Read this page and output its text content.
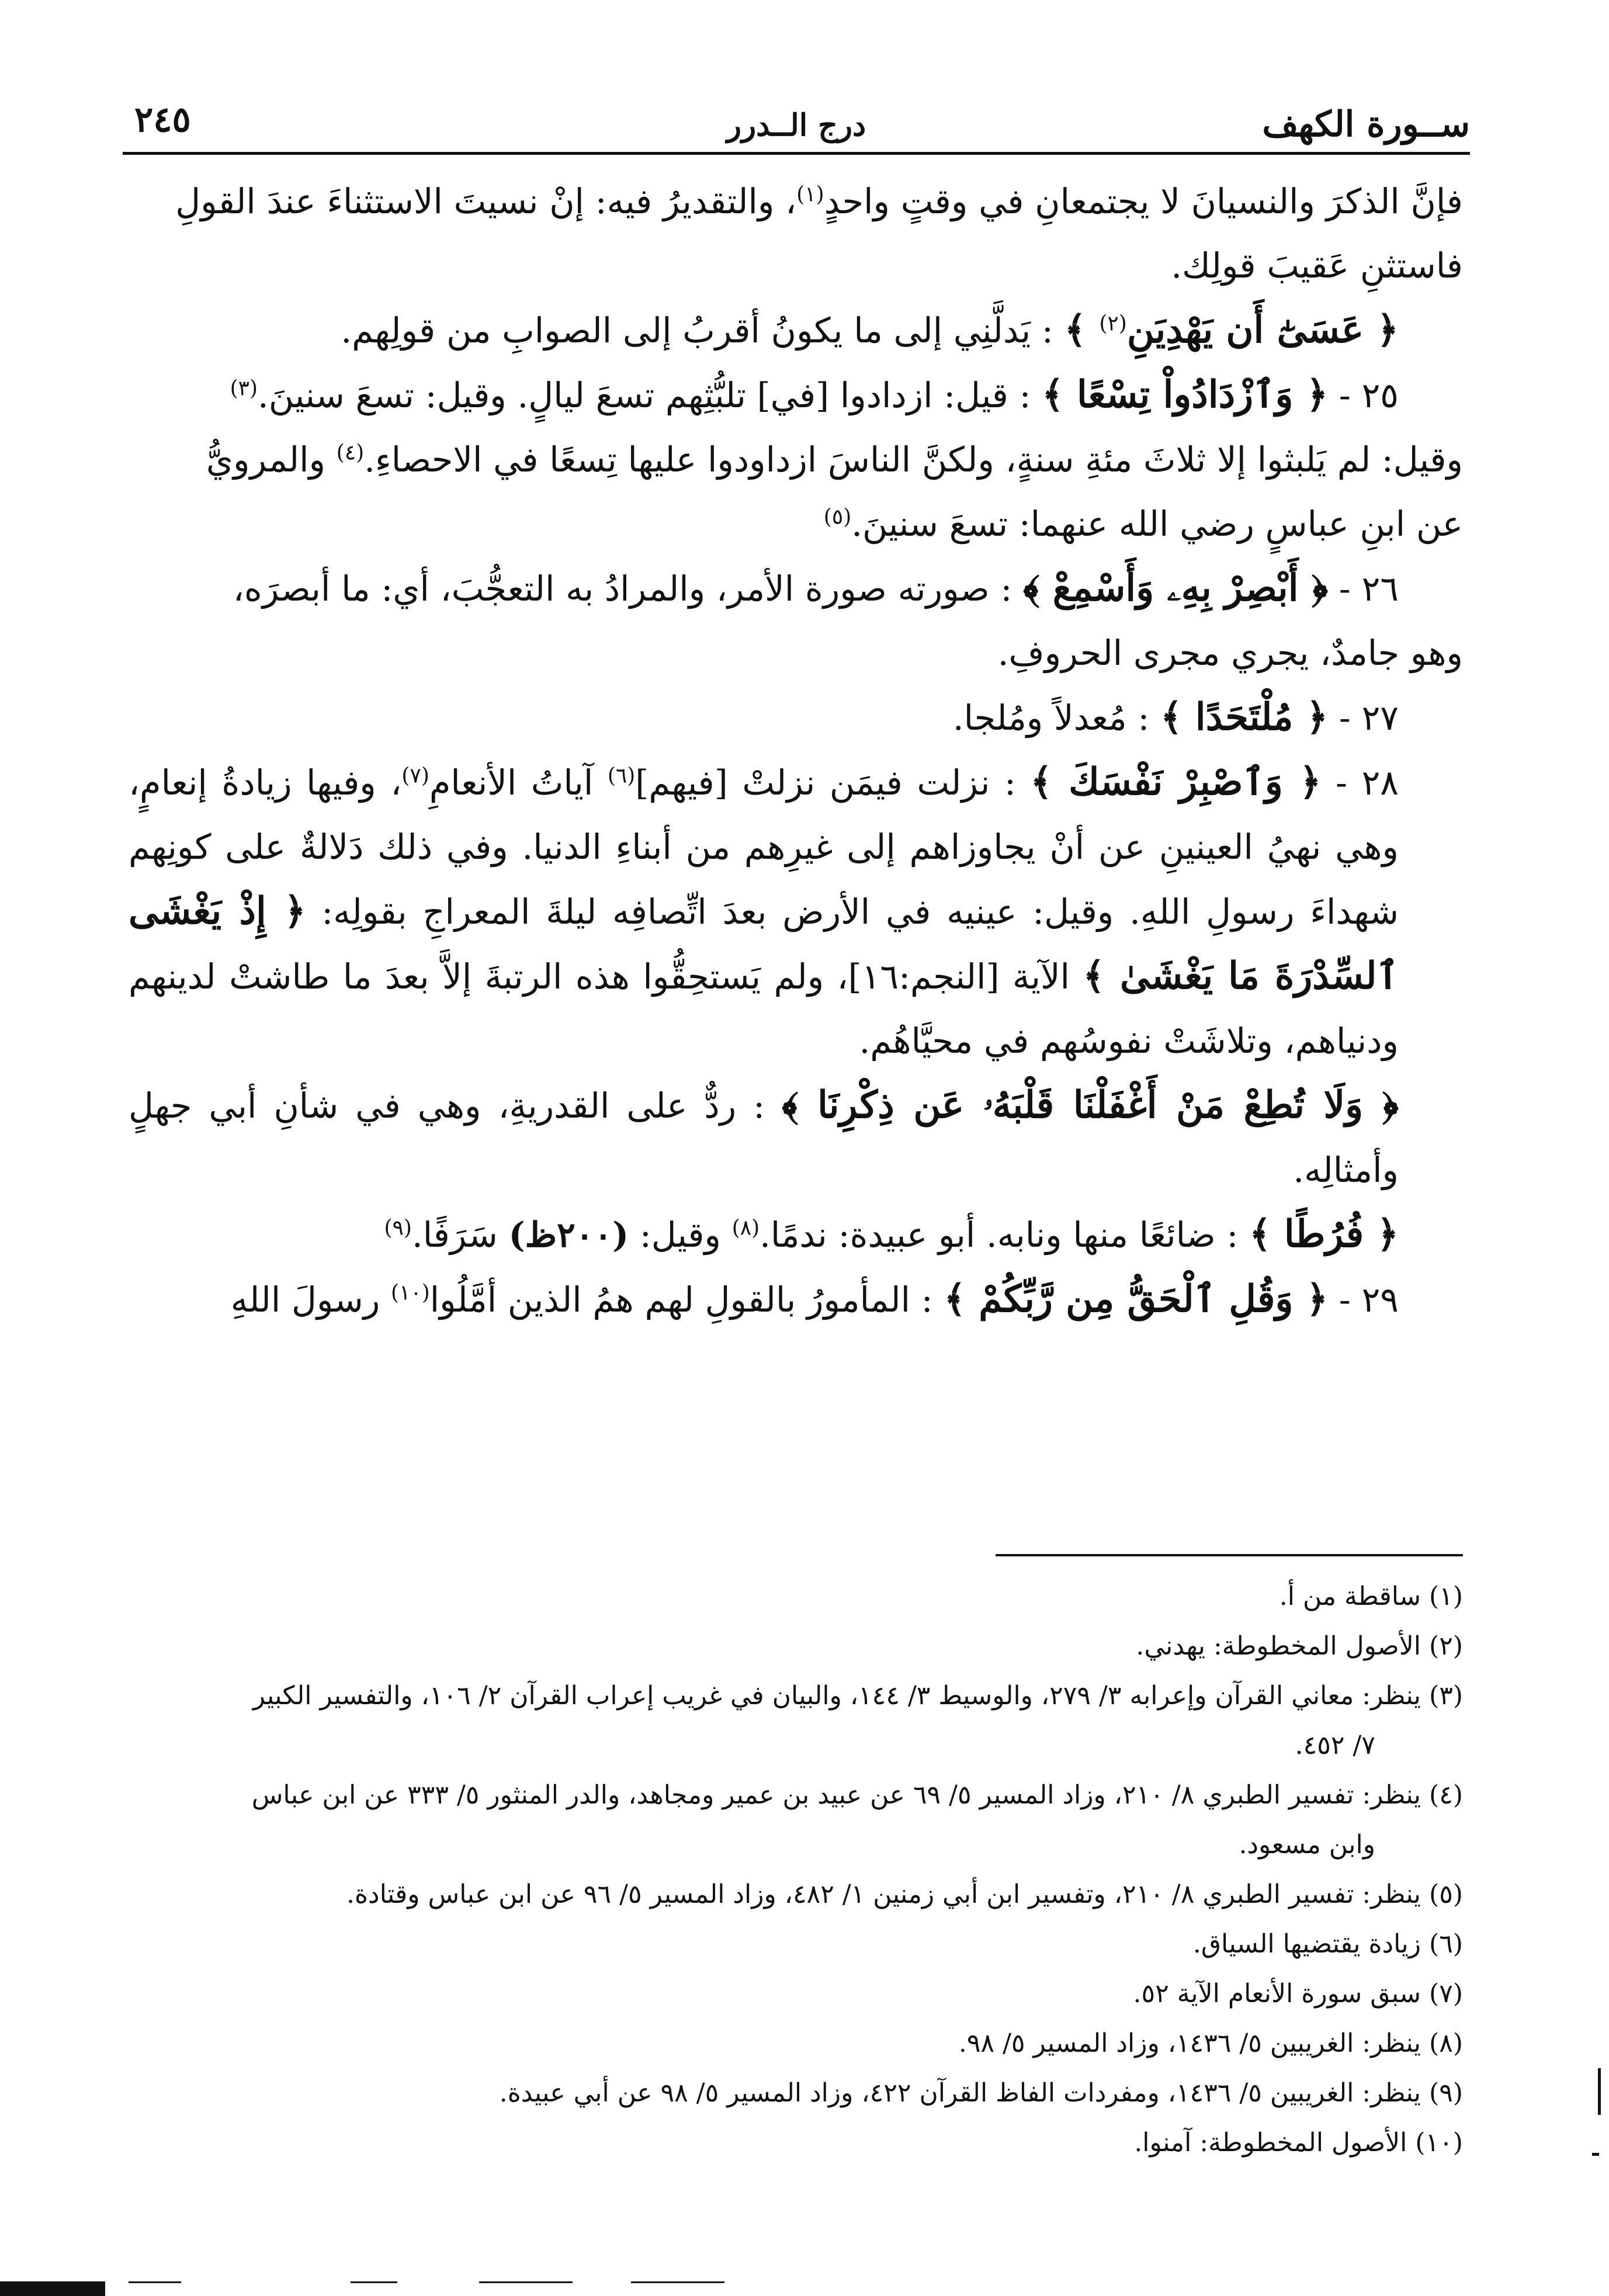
ســورة الكهف
درج الــدرر
٢٤٥

فإنَّ الذكرَ والنسيانَ لا يجتمعانِ في وقتٍ واحدٍ$^{(١)}$، والتقديرُ فيه: إنْ نسيتَ الاستثناءَ عندَ القولِ

فاستثنِ عَقيبَ قولِك.

﴿ عَسَىٰٓ أَن يَهْدِيَنِ$^{(٢)}$ ﴾ : يَدلَّنِي إلى ما يكونُ أقربُ إلى الصوابِ من قولِهم.

٢٥ - ﴿ وَٱزْدَادُواْ تِسْعًا ﴾ : قيل: ازدادوا [في] تلبُّثِهم تسعَ ليالٍ. وقيل: تسعَ سنينَ.$^{(٣)}$

وقيل: لم يَلبثوا إلا ثلاثَ مئةِ سنةٍ، ولكنَّ الناسَ ازداودوا عليها تِسعًا في الاحصاءِ.$^{(٤)}$ والمرويُّ

عن ابنِ عباسٍ رضي الله عنهما: تسعَ سنينَ.$^{(٥)}$

٢٦ - ﴿ أَبْصِرْ بِهِۦ وَأَسْمِعْ ﴾ : صورته صورة الأمر، والمرادُ به التعجُّبَ، أي: ما أبصرَه،

وهو جامدٌ، يجري مجرى الحروفِ.

٢٧ - ﴿ مُلْتَحَدًا ﴾ : مُعدلاً ومُلجا.

٢٨ - ﴿ وَٱصْبِرْ نَفْسَكَ ﴾ : نزلت فيمَن نزلتْ [فيهم]$^{(٦)}$ آياتُ الأنعامِ$^{(٧)}$، وفيها زيادةُ إنعامٍ، وهي نهيُ العينينِ عن أنْ يجاوزاهم إلى غيرِهم من أبناءِ الدنيا. وفي ذلك دَلالةٌ على كونِهم شهداءَ رسولِ اللهِ. وقيل: عينيه في الأرض بعدَ اتِّصافِه ليلةَ المعراجِ بقولِه: ﴿ إِذْ يَغْشَى ٱلسِّدْرَةَ مَا يَغْشَىٰ ﴾ الآية [النجم:١٦]، ولم يَستحِقُّوا هذه الرتبةَ إلاَّ بعدَ ما طاشتْ لدينهم ودنياهم، وتلاشَتْ نفوسُهم في محيَّاهُم.

﴿ وَلَا تُطِعْ مَنْ أَغْفَلْنَا قَلْبَهُۥ عَن ذِكْرِنَا ﴾ : ردٌّ على القدريةِ، وهي في شأنِ أبي جهلٍ وأمثالِه.

﴿ فُرُطًا ﴾ : ضائعًا منها ونابه. أبو عبيدة: ندمًا.$^{(٨)}$ وقيل: (٢٠٠ظ) سَرَفًا.$^{(٩)}$

٢٩ - ﴿ وَقُلِ ٱلْحَقُّ مِن رَّبِّكُمْ ﴾ : المأمورُ بالقولِ لهم همُ الذين أمَّلُوا$^{(١٠)}$ رسولَ اللهِ

(١) ساقطة من أ.

(٢) الأصول المخطوطة: يهدني.

(٣) ينظر: معاني القرآن وإعرابه ٣/ ٢٧٩، والوسيط ٣/ ١٤٤، والبيان في غريب إعراب القرآن ٢/ ١٠٦، والتفسير الكبير

٧/ ٤٥٢.

(٤) ينظر: تفسير الطبري ٨/ ٢١٠، وزاد المسير ٥/ ٦٩ عن عبيد بن عمير ومجاهد، والدر المنثور ٥/ ٣٣٣ عن ابن عباس

وابن مسعود.

(٥) ينظر: تفسير الطبري ٨/ ٢١٠، وتفسير ابن أبي زمنين ١/ ٤٨٢، وزاد المسير ٥/ ٩٦ عن ابن عباس وقتادة.

(٦) زيادة يقتضيها السياق.

(٧) سبق سورة الأنعام الآية ٥٢.

(٨) ينظر: الغريبين ٥/ ١٤٣٦، وزاد المسير ٥/ ٩٨.

(٩) ينظر: الغريبين ٥/ ١٤٣٦، ومفردات الفاظ القرآن ٤٢٢، وزاد المسير ٥/ ٩٨ عن أبي عبيدة.

(١٠) الأصول المخطوطة: آمنوا.
